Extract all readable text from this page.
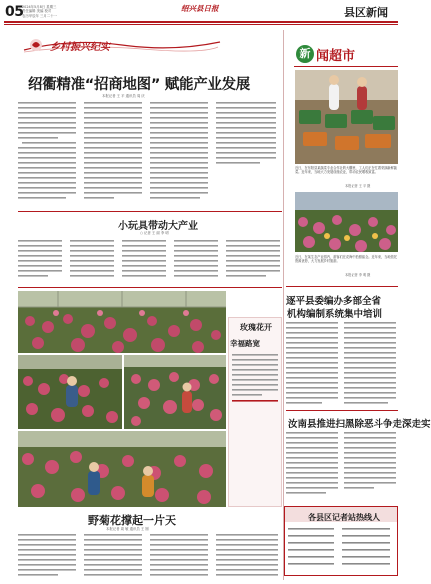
05
2024年5月8日 星期三
责任编辑 美编 校对
农历甲辰年 三月二十一
绍兴县日报	县区新闻
乡村振兴纪实
绍衢精准“招商地图” 赋能产业发展
本报记者 王 平 通讯员 周 庆
小玩具带动大产业
○ 记者 王 丽 李 明
玫瑰花开
幸福路宽
野菊花撑起一片天
本报记者 周 敏 通讯员 王 刚
新 闻超市
近日，在东阳县某蔬菜专业合作社的大棚里，工人们正在忙着采摘新鲜蔬菜。近年来，当地大力发展设施农业，带动农民增收致富。
本报记者 王 平 摄
近日，在某生态产业园内，游客们在花海中拍照留念。近年来，当地依托资源优势，大力发展乡村旅游。
本报记者 李 明 摄
逐平县委编办多部全省
机构编制系统集中培训
汝南县推进扫黑除恶斗争走深走实
各县区记者站热线人
